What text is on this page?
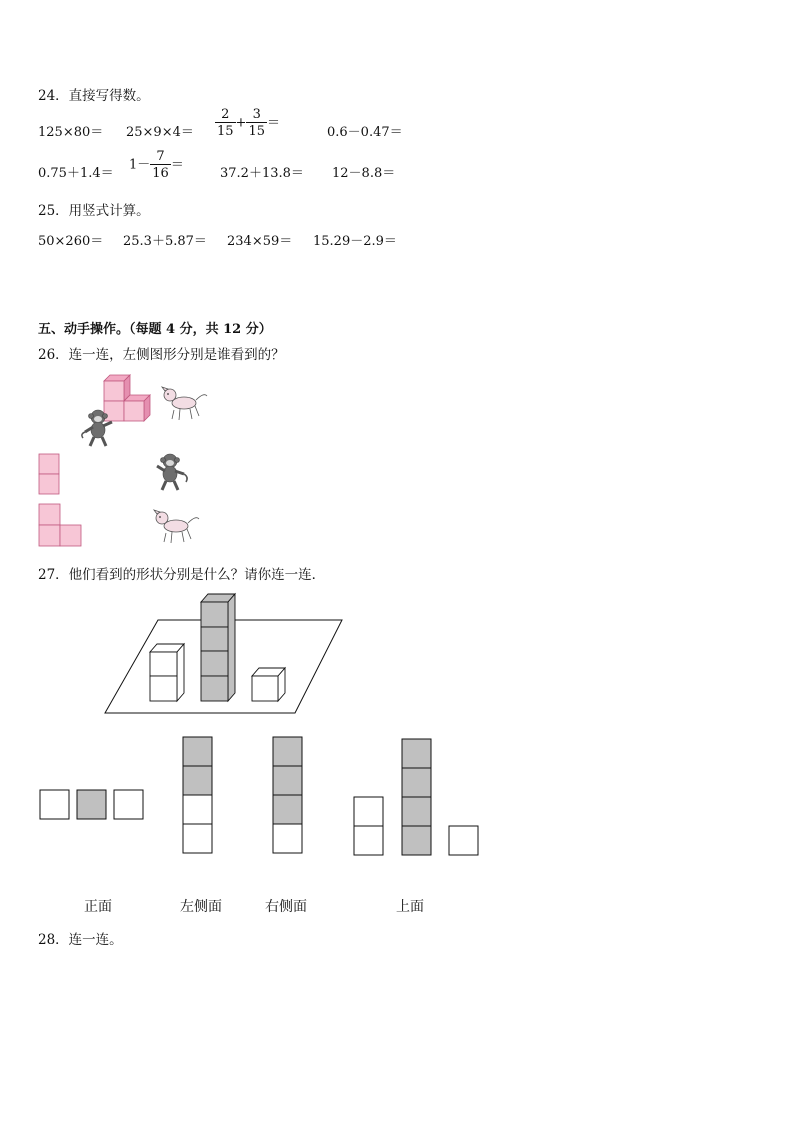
24．直接写得数。
$125\times 80= 25\times 9\times 4= \frac{2}{15} + \frac{3}{15}$ ＝
0.6－0.47＝
0.75＋1.4＝
$1- \frac{7}{16}$ ＝
37.2＋13.8＝ 12－8.8＝
25．用竖式计算。
50×260＝ 25.3＋5.87＝ 234×59＝ 15.29－2.9＝
五、动手操作。（每题 4 分，共 12 分）
26．连一连，左侧图形分别是谁看到的？
27．他们看到的形状分别是什么？请你连一连．
正面	左侧面	右侧面	上面
28．连一连。
